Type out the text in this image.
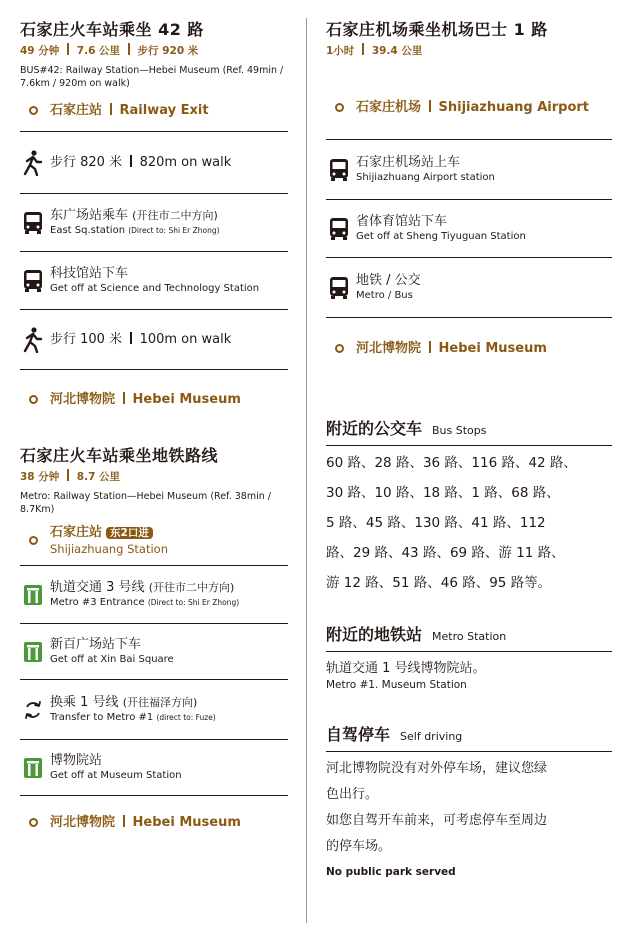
石家庄火车站乘坐 42 路
49 分钟 7.6 公里 步行 920 米
BUS#42: Railway Station—Hebei Museum (Ref. 49min / 7.6km / 920m on walk)
石家庄站 Railway Exit
步行 820 米 820m on walk
东广场站乘车 (开往市二中方向)
East Sq.station (Direct to: Shi Er Zhong)
科技馆站下车
Get off at Science and Technology Station
步行 100 米 100m on walk
河北博物院 Hebei Museum
石家庄火车站乘坐地铁路线
38 分钟 8.7 公里
Metro: Railway Station—Hebei Museum (Ref. 38min / 8.7Km)
石家庄站 东2口进
Shijiazhuang Station
轨道交通 3 号线 (开往市二中方向)
Metro #3 Entrance (Direct to: Shi Er Zhong)
新百广场站下车
Get off at Xin Bai Square
换乘 1 号线 (开往福泽方向)
Transfer to Metro #1 (direct to: Fuze)
博物院站
Get off at Museum Station
河北博物院 Hebei Museum
石家庄机场乘坐机场巴士 1 路
1小时 39.4 公里
石家庄机场 Shijiazhuang Airport
石家庄机场站上车
Shijiazhuang Airport station
省体育馆站下车
Get off at Sheng Tiyuguan Station
地铁 / 公交
Metro / Bus
河北博物院 Hebei Museum
附近的公交车 Bus Stops
60 路、28 路、36 路、116 路、42 路、
30 路、10 路、18 路、1 路、68 路、
5 路、45 路、130 路、41 路、112
路、29 路、43 路、69 路、游 11 路、
游 12 路、51 路、46 路、95 路等。
附近的地铁站 Metro Station
轨道交通 1 号线博物院站。
Metro #1. Museum Station
自驾停车 Self driving
河北博物院没有对外停车场，建议您绿
色出行。
如您自驾开车前来，可考虑停车至周边
的停车场。
No public park served
